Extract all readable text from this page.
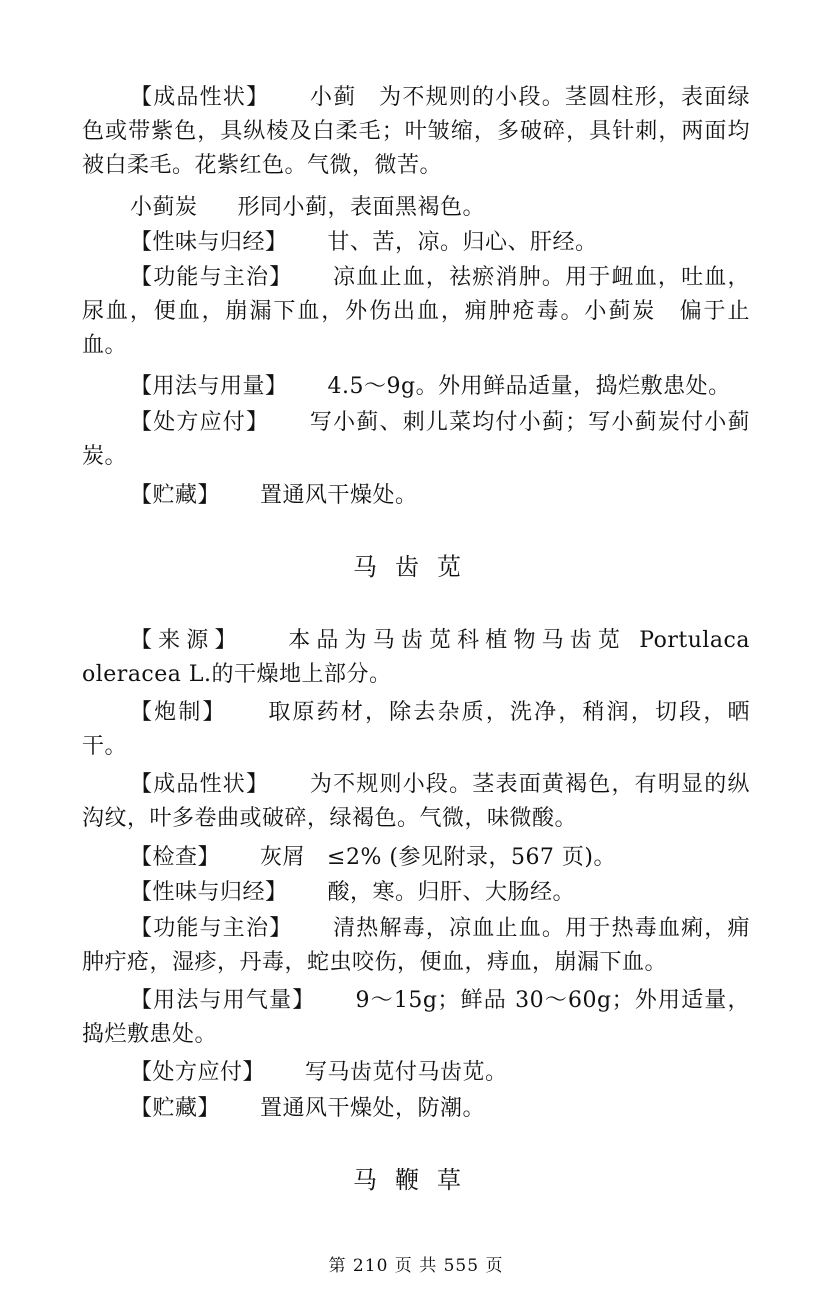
【成品性状】 小蓟 为不规则的小段。茎圆柱形，表面绿色或带紫色，具纵棱及白柔毛；叶皱缩，多破碎，具针刺，两面均被白柔毛。花紫红色。气微，微苦。

小蓟炭 形同小蓟，表面黑褐色。

【性味与归经】 甘、苦，凉。归心、肝经。

【功能与主治】 凉血止血，祛瘀消肿。用于衄血，吐血，尿血，便血，崩漏下血，外伤出血，痈肿疮毒。小蓟炭 偏于止血。

【用法与用量】 4.5～9g。外用鲜品适量，捣烂敷患处。

【处方应付】 写小蓟、刺儿菜均付小蓟；写小蓟炭付小蓟炭。

【贮藏】 置通风干燥处。

马齿苋

【来源】 本品为马齿苋科植物马齿苋 Portulaca oleracea L.的干燥地上部分。

【炮制】 取原药材，除去杂质，洗净，稍润，切段，晒干。

【成品性状】 为不规则小段。茎表面黄褐色，有明显的纵沟纹，叶多卷曲或破碎，绿褐色。气微，味微酸。

【检查】 灰屑 ≤2% (参见附录，567 页)。

【性味与归经】 酸，寒。归肝、大肠经。

【功能与主治】 清热解毒，凉血止血。用于热毒血痢，痈肿疔疮，湿疹，丹毒，蛇虫咬伤，便血，痔血，崩漏下血。

【用法与用气量】 9～15g；鲜品 30～60g；外用适量，捣烂敷患处。

【处方应付】 写马齿苋付马齿苋。

【贮藏】 置通风干燥处，防潮。

马鞭草
第 210 页 共 555 页
